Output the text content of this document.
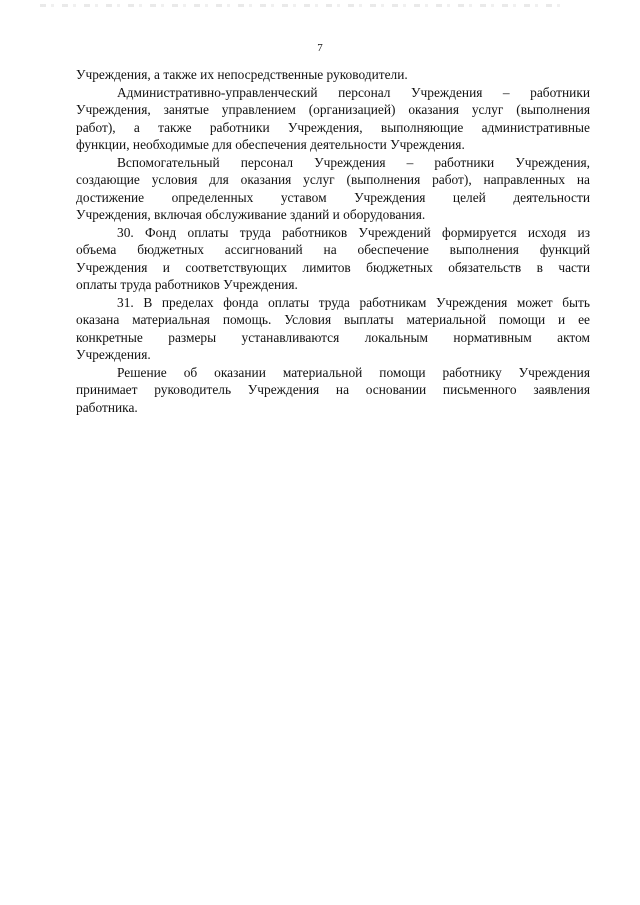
7
Учреждения, а также их непосредственные руководители.
Административно-управленческий персонал Учреждения – работники
Учреждения, занятые управлением (организацией) оказания услуг (выполнения
работ), а также работники Учреждения, выполняющие административные
функции, необходимые для обеспечения деятельности Учреждения.
Вспомогательный персонал Учреждения – работники Учреждения,
создающие условия для оказания услуг (выполнения работ), направленных на
достижение определенных уставом Учреждения целей деятельности
Учреждения, включая обслуживание зданий и оборудования.
30. Фонд оплаты труда работников Учреждений формируется исходя из
объема бюджетных ассигнований на обеспечение выполнения функций
Учреждения и соответствующих лимитов бюджетных обязательств в части
оплаты труда работников Учреждения.
31. В пределах фонда оплаты труда работникам Учреждения может быть
оказана материальная помощь. Условия выплаты материальной помощи и ее
конкретные размеры устанавливаются локальным нормативным актом
Учреждения.
Решение об оказании материальной помощи работнику Учреждения
принимает руководитель Учреждения на основании письменного заявления
работника.
